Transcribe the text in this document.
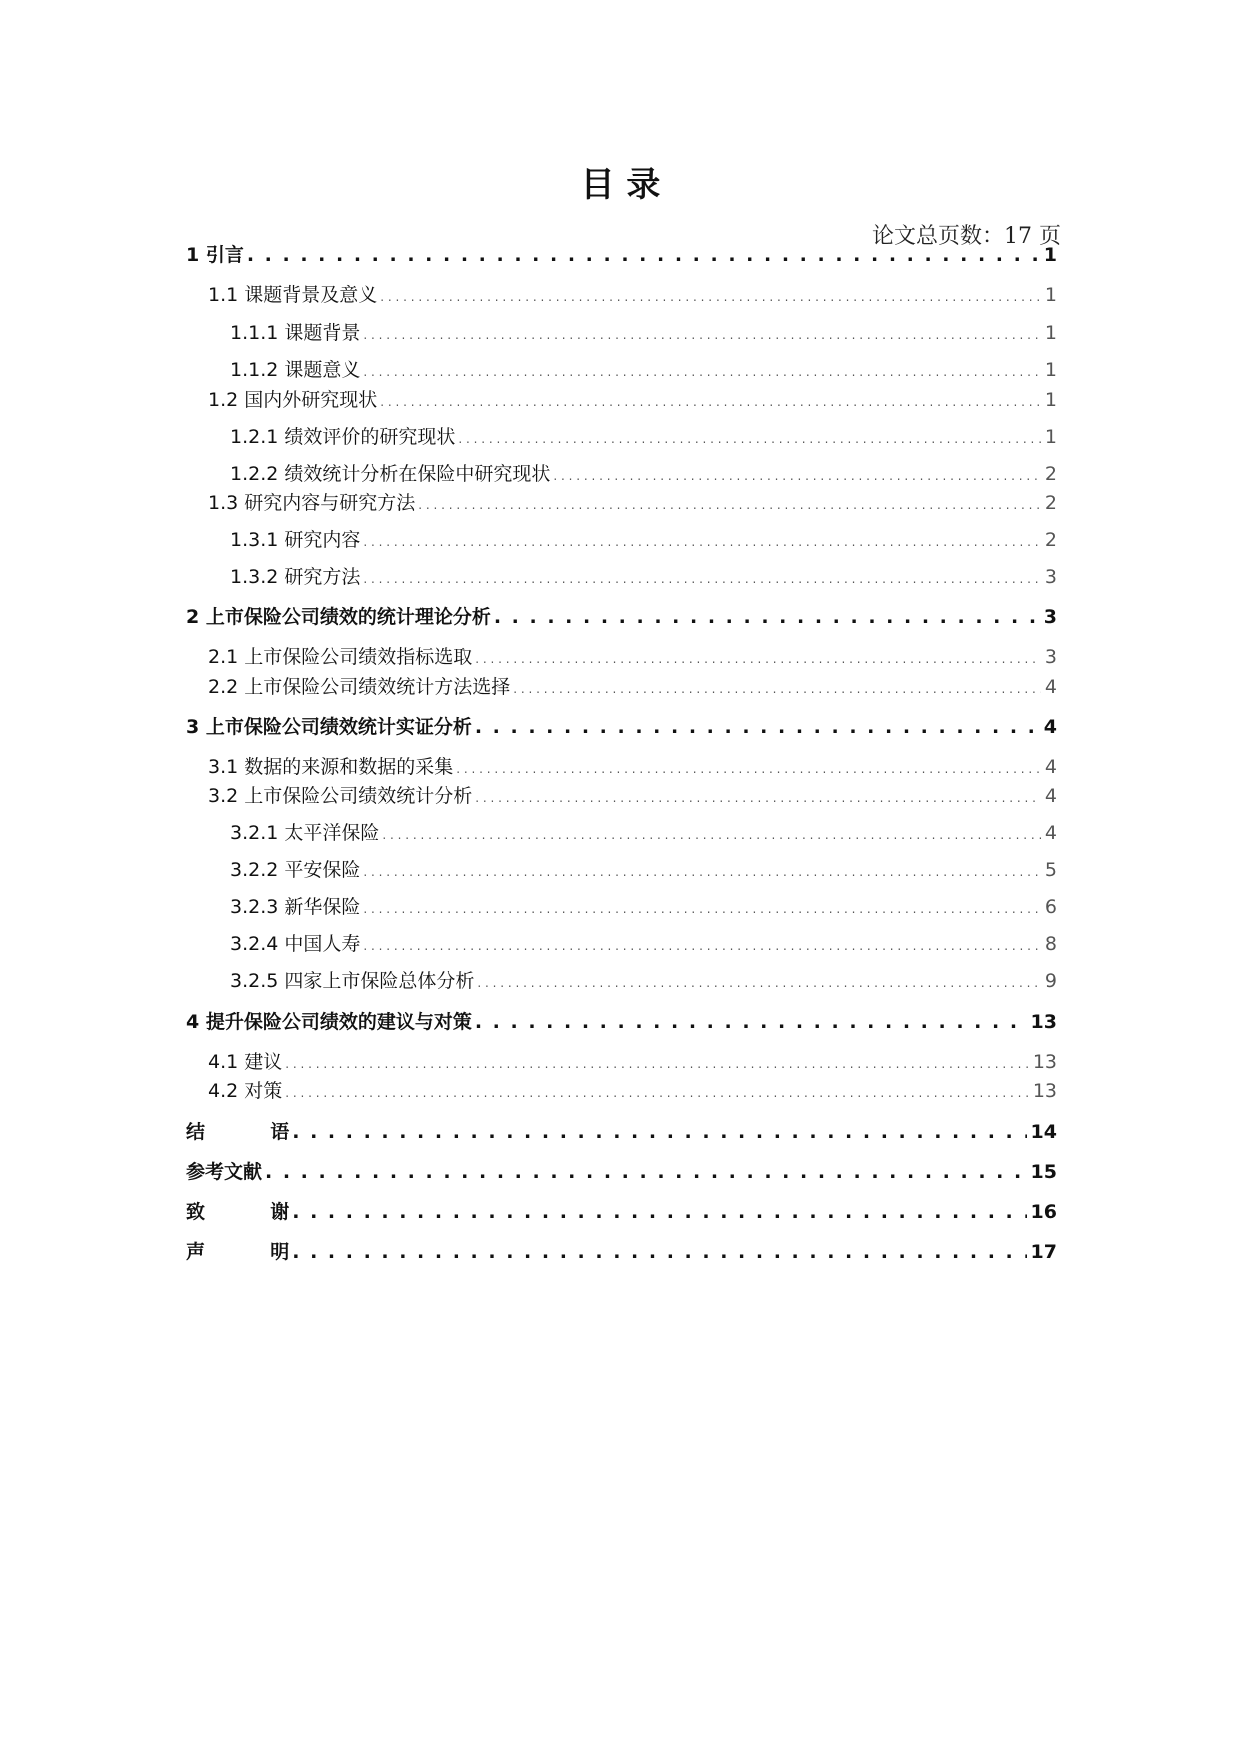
目 录
论文总页数：17 页
1 引言 . . .	1
1.1 课题背景及意义 . . .	1
1.1.1 课题背景 . . .	1
1.1.2 课题意义 . . .	1
1.2 国内外研究现状 . . .	1
1.2.1 绩效评价的研究现状 . . .	1
1.2.2 绩效统计分析在保险中研究现状 . . .	2
1.3 研究内容与研究方法 . . .	2
1.3.1 研究内容 . . .	2
1.3.2 研究方法 . . .	3
2 上市保险公司绩效的统计理论分析 . . .	3
2.1 上市保险公司绩效指标选取 . . .	3
2.2 上市保险公司绩效统计方法选择 . . .	4
3 上市保险公司绩效统计实证分析 . . .	4
3.1 数据的来源和数据的采集 . . .	4
3.2 上市保险公司绩效统计分析 . . .	4
3.2.1 太平洋保险 . . .	4
3.2.2 平安保险 . . .	5
3.2.3 新华保险 . . .	6
3.2.4 中国人寿 . . .	8
3.2.5 四家上市保险总体分析 . . .	9
4 提升保险公司绩效的建议与对策 . . .	13
4.1 建议 . . .	13
4.2 对策 . . .	13
结  语 . . .	14
参考文献 . . .	15
致  谢 . . .	16
声  明 . . .	17
